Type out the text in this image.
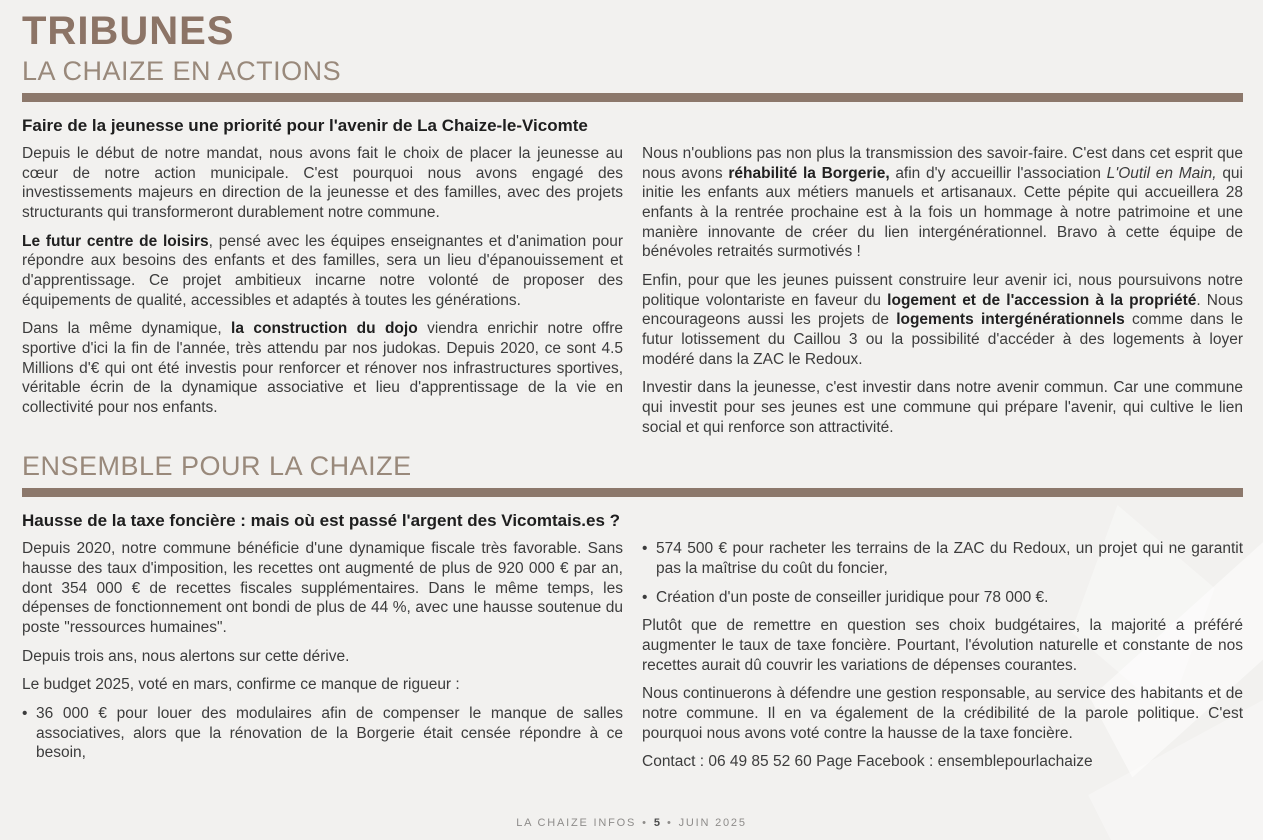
TRIBUNES
LA CHAIZE EN ACTIONS
Faire de la jeunesse une priorité pour l'avenir de La Chaize-le-Vicomte

Depuis le début de notre mandat, nous avons fait le choix de placer la jeunesse au cœur de notre action municipale. C'est pourquoi nous avons engagé des investissements majeurs en direction de la jeunesse et des familles, avec des projets structurants qui transformeront durablement notre commune.

Le futur centre de loisirs, pensé avec les équipes enseignantes et d'animation pour répondre aux besoins des enfants et des familles, sera un lieu d'épanouissement et d'apprentissage. Ce projet ambitieux incarne notre volonté de proposer des équipements de qualité, accessibles et adaptés à toutes les générations.

Dans la même dynamique, la construction du dojo viendra enrichir notre offre sportive d'ici la fin de l'année, très attendu par nos judokas. Depuis 2020, ce sont 4.5 Millions d'€ qui ont été investis pour renforcer et rénover nos infrastructures sportives, véritable écrin de la dynamique associative et lieu d'apprentissage de la vie en collectivité pour nos enfants.

Nous n'oublions pas non plus la transmission des savoir-faire. C'est dans cet esprit que nous avons réhabilité la Borgerie, afin d'y accueillir l'association L'Outil en Main, qui initie les enfants aux métiers manuels et artisanaux. Cette pépite qui accueillera 28 enfants à la rentrée prochaine est à la fois un hommage à notre patrimoine et une manière innovante de créer du lien intergénérationnel. Bravo à cette équipe de bénévoles retraités surmotivés !

Enfin, pour que les jeunes puissent construire leur avenir ici, nous poursuivons notre politique volontariste en faveur du logement et de l'accession à la propriété. Nous encourageons aussi les projets de logements intergénérationnels comme dans le futur lotissement du Caillou 3 ou la possibilité d'accéder à des logements à loyer modéré dans la ZAC le Redoux.

Investir dans la jeunesse, c'est investir dans notre avenir commun. Car une commune qui investit pour ses jeunes est une commune qui prépare l'avenir, qui cultive le lien social et qui renforce son attractivité.

ENSEMBLE POUR LA CHAIZE
Hausse de la taxe foncière : mais où est passé l'argent des Vicomtais.es ?

Depuis 2020, notre commune bénéficie d'une dynamique fiscale très favorable. Sans hausse des taux d'imposition, les recettes ont augmenté de plus de 920 000 € par an, dont 354 000 € de recettes fiscales supplémentaires. Dans le même temps, les dépenses de fonctionnement ont bondi de plus de 44 %, avec une hausse soutenue du poste "ressources humaines".

Depuis trois ans, nous alertons sur cette dérive.

Le budget 2025, voté en mars, confirme ce manque de rigueur :

• 36 000 € pour louer des modulaires afin de compenser le manque de salles associatives, alors que la rénovation de la Borgerie était censée répondre à ce besoin,

• 574 500 € pour racheter les terrains de la ZAC du Redoux, un projet qui ne garantit pas la maîtrise du coût du foncier,

• Création d'un poste de conseiller juridique pour 78 000 €.

Plutôt que de remettre en question ses choix budgétaires, la majorité a préféré augmenter le taux de taxe foncière. Pourtant, l'évolution naturelle et constante de nos recettes aurait dû couvrir les variations de dépenses courantes.

Nous continuerons à défendre une gestion responsable, au service des habitants et de notre commune. Il en va également de la crédibilité de la parole politique. C'est pourquoi nous avons voté contre la hausse de la taxe foncière.

Contact : 06 49 85 52 60 Page Facebook : ensemblepourlachaize

LA CHAIZE INFOS • 5 • JUIN 2025
